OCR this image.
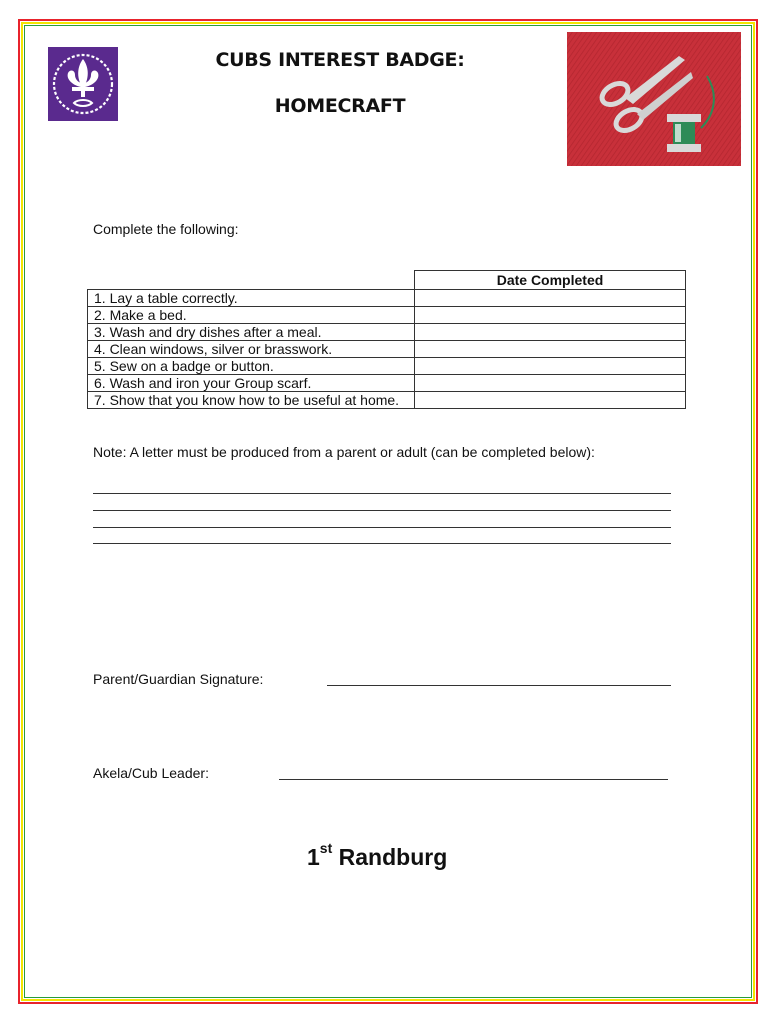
CUBS INTEREST BADGE:
HOMECRAFT
Complete the following:
	Date Completed
1. Lay a table correctly.	
2. Make a bed.	
3. Wash and dry dishes after a meal.	
4. Clean windows, silver or brasswork.	
5. Sew on a badge or button.	
6. Wash and iron your Group scarf.	
7. Show that you know how to be useful at home.	
Note: A letter must be produced from a parent or adult (can be completed below):
Parent/Guardian Signature:
Akela/Cub Leader:
1st Randburg
